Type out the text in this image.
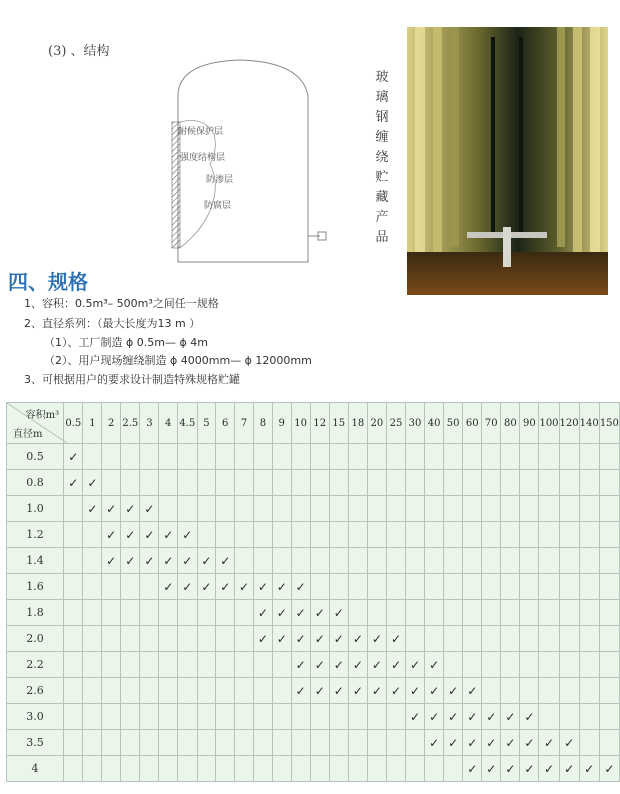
(3) 、结构
耐候保护层
强度结构层
防渗层
防腐层
玻
璃
钢
缠
绕
贮
藏
产
品
四、规格
1、容积：0.5m³– 500m³之间任一规格
2、直径系列：（最大长度为13 m ）
（1）、工厂制造 ϕ 0.5m— ϕ 4m
（2）、用户现场缠绕制造 ϕ 4000mm— ϕ 12000mm
3、可根据用户的要求设计制造特殊规格贮罐
容积m³
直径m	0.5	1	2	2.5	3	4	4.5	5	6	7	8	9	10	12	15	18	20	25	30	40	50	60	70	80	90	100	120	140	150
0.5	✓																												
0.8	✓	✓																											
1.0		✓	✓	✓	✓																								
1.2			✓	✓	✓	✓	✓																						
1.4			✓	✓	✓	✓	✓	✓	✓																				
1.6						✓	✓	✓	✓	✓	✓	✓	✓																
1.8											✓	✓	✓	✓	✓														
2.0											✓	✓	✓	✓	✓	✓	✓	✓											
2.2													✓	✓	✓	✓	✓	✓	✓	✓									
2.6													✓	✓	✓	✓	✓	✓	✓	✓	✓	✓							
3.0																			✓	✓	✓	✓	✓	✓	✓				
3.5																				✓	✓	✓	✓	✓	✓	✓	✓		
4																						✓	✓	✓	✓	✓	✓	✓	✓
